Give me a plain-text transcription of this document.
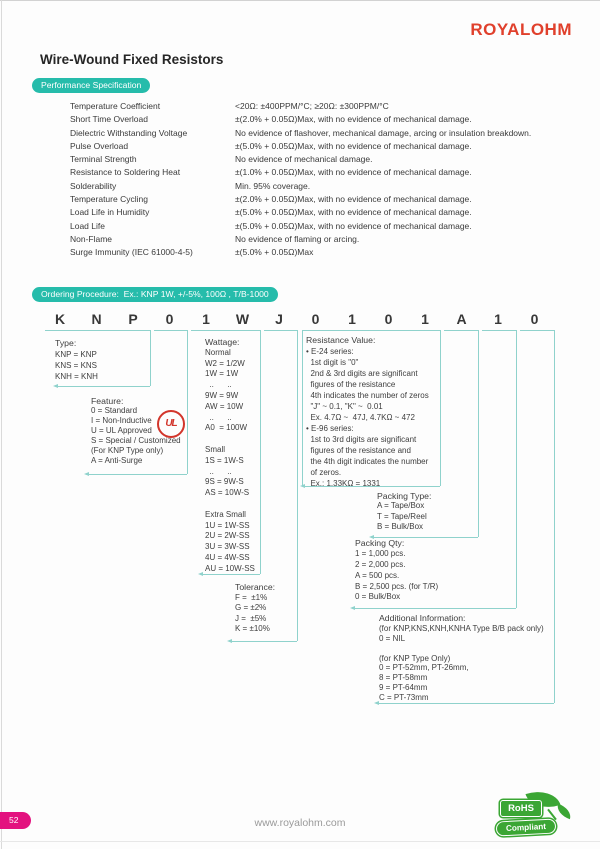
ROYALOHM
Wire-Wound Fixed Resistors
Performance Specification
Temperature Coefficient	<20Ω: ±400PPM/°C; ≥20Ω: ±300PPM/°C
Short Time Overload	±(2.0% + 0.05Ω)Max, with no evidence of mechanical damage.
Dielectric Withstanding Voltage	No evidence of flashover, mechanical damage, arcing or insulation breakdown.
Pulse Overload	±(5.0% + 0.05Ω)Max, with no evidence of mechanical damage.
Terminal Strength	No evidence of mechanical damage.
Resistance to Soldering Heat	±(1.0% + 0.05Ω)Max, with no evidence of mechanical damage.
Solderability	Min. 95% coverage.
Temperature Cycling	±(2.0% + 0.05Ω)Max, with no evidence of mechanical damage.
Load Life in Humidity	±(5.0% + 0.05Ω)Max, with no evidence of mechanical damage.
Load Life	±(5.0% + 0.05Ω)Max, with no evidence of mechanical damage.
Non-Flame	No evidence of flaming or arcing.
Surge Immunity (IEC 61000-4-5)	±(5.0% + 0.05Ω)Max
Ordering Procedure:  Ex.: KNP 1W, +/-5%, 100Ω , T/B-1000
K N P 0 1 W J 0 1 0 1 A 1 0
Type:
KNP = KNP
KNS = KNS
KNH = KNH
Feature:
0 = Standard
I = Non-Inductive
U = UL Approved
S = Special / Customized
(For KNP Type only)
A = Anti-Surge
UL
Wattage:
Normal
W2 = 1/2W
1W = 1W
..      ..
9W = 9W
AW = 10W
..      ..
A0  = 100W
Small
1S = 1W-S
..      ..
9S = 9W-S
AS = 10W-S
Extra Small
1U = 1W-SS
2U = 2W-SS
3U = 3W-SS
4U = 4W-SS
AU = 10W-SS
Tolerance:
F =  ±1%
G = ±2%
J =  ±5%
K = ±10%
Resistance Value:
• E-24 series:
1st digit is "0"
2nd & 3rd digits are significant
figures of the resistance
4th indicates the number of zeros
"J" ~ 0.1, "K" ~  0.01
Ex. 4.7Ω ~  47J, 4.7KΩ ~ 472
• E-96 series:
1st to 3rd digits are significant
figures of the resistance and
the 4th digit indicates the number
of zeros.
Ex.: 1.33KΩ = 1331
Packing Type:
A = Tape/Box
T = Tape/Reel
B = Bulk/Box
Packing Qty:
1 = 1,000 pcs.
2 = 2,000 pcs.
A = 500 pcs.
B = 2,500 pcs. (for T/R)
0 = Bulk/Box
Additional Information:
(for KNP,KNS,KNH,KNHA Type B/B pack only)
0 = NIL
(for KNP Type Only)
0 = PT-52mm, PT-26mm,
8 = PT-58mm
9 = PT-64mm
C = PT-73mm
52	www.royalohm.com
RoHS
Compliant
